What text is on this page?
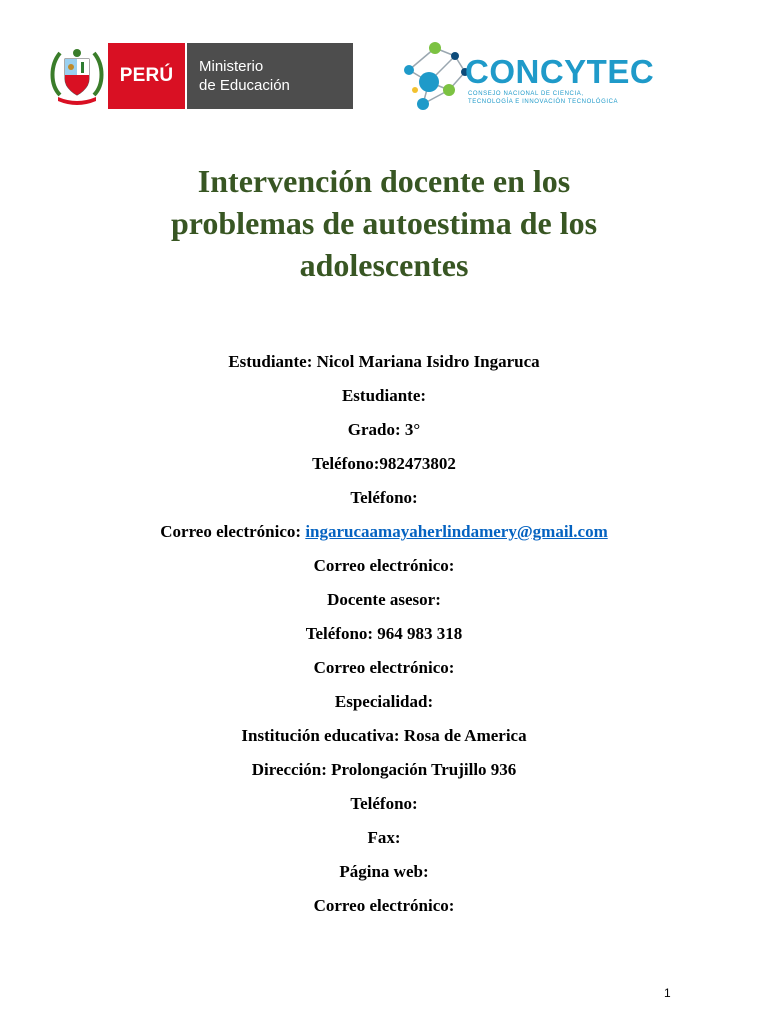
PERÚ	Ministerio
de Educación	CONCYTEC
CONSEJO NACIONAL DE CIENCIA,
TECNOLOGÍA E INNOVACIÓN TECNOLÓGICA
Intervención docente en los
problemas de autoestima de los
adolescentes
Estudiante: Nicol Mariana Isidro Ingaruca
Estudiante:
Grado: 3°
Teléfono:982473802
Teléfono:
Correo electrónico: ingarucaamayaherlindamery@gmail.com
Correo electrónico:
Docente asesor:
Teléfono: 964 983 318
Correo electrónico:
Especialidad:
Institución educativa: Rosa de America
Dirección: Prolongación Trujillo 936
Teléfono:
Fax:
Página web:
Correo electrónico:
1
